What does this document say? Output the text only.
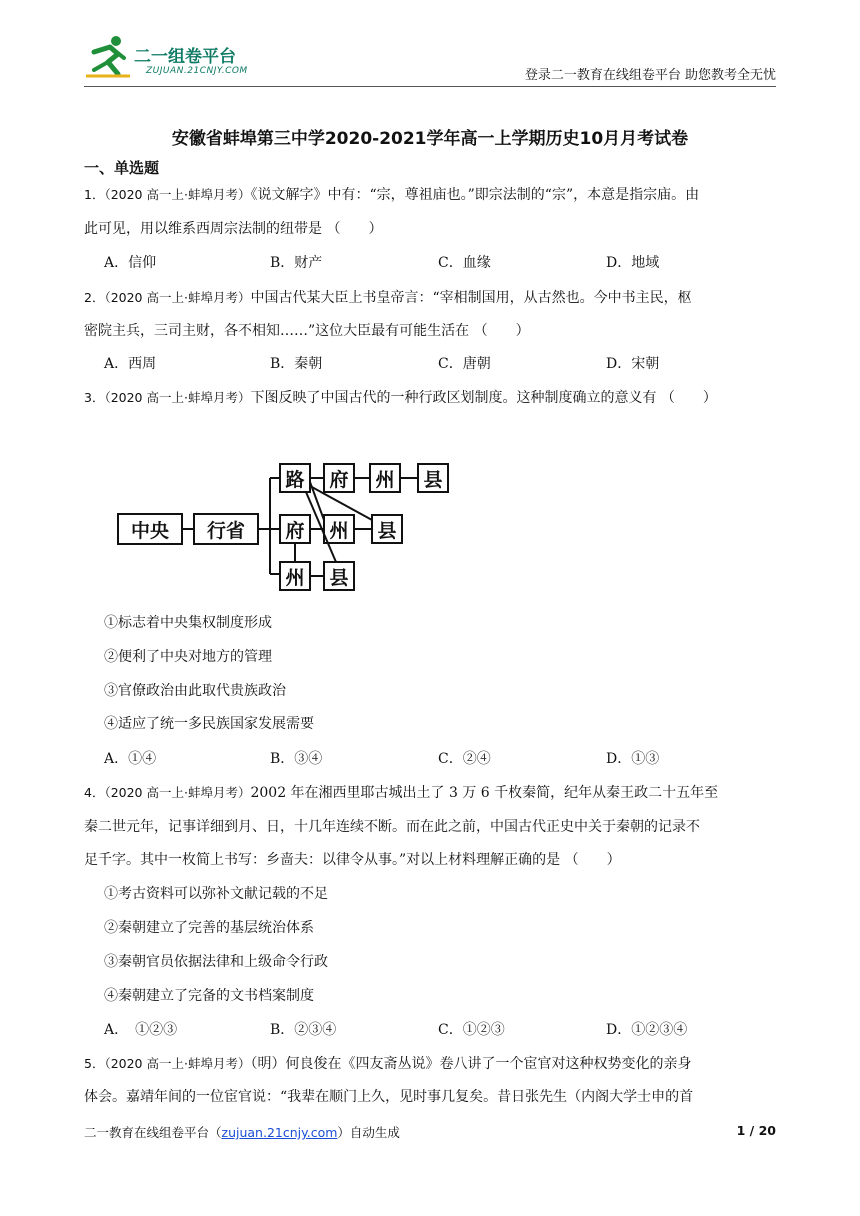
二一组卷平台
ZUJUAN.21CNJY.COM	登录二一教育在线组卷平台 助您教考全无忧
安徽省蚌埠第三中学2020-2021学年高一上学期历史10月月考试卷
一、单选题
1．（2020 高一上·蚌埠月考）《说文解字》中有：“宗，尊祖庙也。”即宗法制的“宗”，本意是指宗庙。由
此可见，用以维系西周宗法制的纽带是 （　　）
A．信仰	B．财产	C．血缘	D．地域
2．（2020 高一上·蚌埠月考）中国古代某大臣上书皇帝言：“宰相制国用，从古然也。今中书主民，枢
密院主兵，三司主财，各不相知……”这位大臣最有可能生活在 （　　）
A．西周	B．秦朝	C．唐朝	D．宋朝
3．（2020 高一上·蚌埠月考）下图反映了中国古代的一种行政区划制度。这种制度确立的意义有 （　　）
中央 行省
路 府 州 县
府 州 县
州 县
①标志着中央集权制度形成
②便利了中央对地方的管理
③官僚政治由此取代贵族政治
④适应了统一多民族国家发展需要
A．①④	B．③④	C．②④	D．①③
4．（2020 高一上·蚌埠月考）2002 年在湘西里耶古城出土了 3 万 6 千枚秦简，纪年从秦王政二十五年至
秦二世元年，记事详细到月、日，十几年连续不断。而在此之前，中国古代正史中关于秦朝的记录不
足千字。其中一枚简上书写：乡啬夫：以律令从事。”对以上材料理解正确的是 （　　）
①考古资料可以弥补文献记载的不足
②秦朝建立了完善的基层统治体系
③秦朝官员依据法律和上级命令行政
④秦朝建立了完备的文书档案制度
A．　①②③	B．②③④	C．①②③	D．①②③④
5．（2020 高一上·蚌埠月考）（明）何良俊在《四友斋丛说》卷八讲了一个宦官对这种权势变化的亲身
体会。嘉靖年间的一位宦官说：“我辈在顺门上久，见时事几复矣。昔日张先生（内阁大学士申的首
二一教育在线组卷平台（zujuan.21cnjy.com）自动生成	1 / 20
